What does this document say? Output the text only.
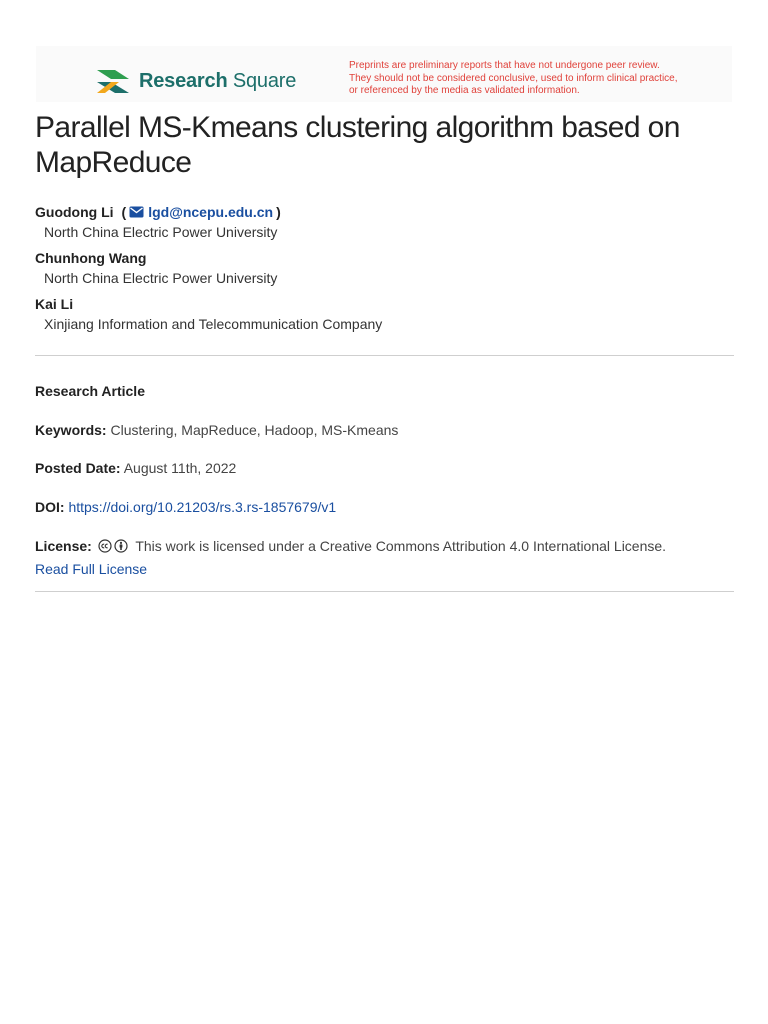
Research Square
Preprints are preliminary reports that have not undergone peer review.
They should not be considered conclusive, used to inform clinical practice,
or referenced by the media as validated information.
Parallel MS-Kmeans clustering algorithm based on MapReduce
Guodong Li ( lgd@ncepu.edu.cn )
North China Electric Power University
Chunhong Wang
North China Electric Power University
Kai Li
Xinjiang Information and Telecommunication Company
Research Article
Keywords: Clustering, MapReduce, Hadoop, MS-Kmeans
Posted Date: August 11th, 2022
DOI: https://doi.org/10.21203/rs.3.rs-1857679/v1
License:	This work is licensed under a Creative Commons Attribution 4.0 International License.
Read Full License
